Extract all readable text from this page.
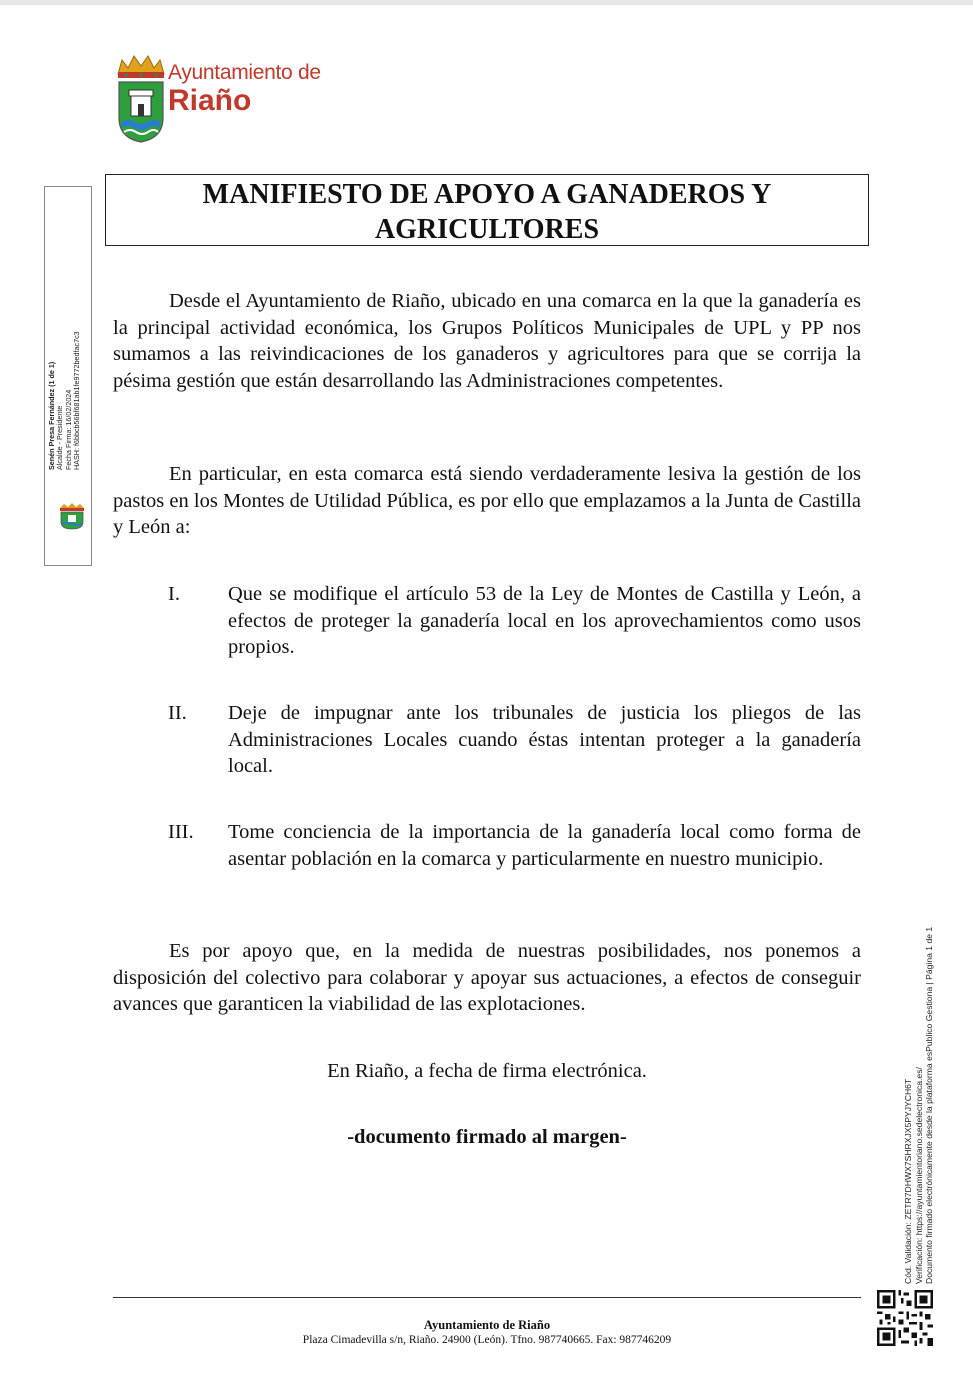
Ayuntamiento de
Riaño
Senén Presa Fernández (1 de 1) Alcalde - Presidente Fecha Firma: 16/02/2024 HASH: f6bbcb56bf681ab1fe9772bedfac7c3
MANIFIESTO DE APOYO A GANADEROS Y
AGRICULTORES

Desde el Ayuntamiento de Riaño, ubicado en una comarca en la que la ganadería es la principal actividad económica, los Grupos Políticos Municipales de UPL y PP nos sumamos a las reivindicaciones de los ganaderos y agricultores para que se corrija la pésima gestión que están desarrollando las Administraciones competentes.

En particular, en esta comarca está siendo verdaderamente lesiva la gestión de los pastos en los Montes de Utilidad Pública, es por ello que emplazamos a la Junta de Castilla y León a:

I. Que se modifique el artículo 53 de la Ley de Montes de Castilla y León, a efectos de proteger la ganadería local en los aprovechamientos como usos propios.

II. Deje de impugnar ante los tribunales de justicia los pliegos de las Administraciones Locales cuando éstas intentan proteger a la ganadería local.

III. Tome conciencia de la importancia de la ganadería local como forma de asentar población en la comarca y particularmente en nuestro municipio.

Es por apoyo que, en la medida de nuestras posibilidades, nos ponemos a disposición del colectivo para colaborar y apoyar sus actuaciones, a efectos de conseguir avances que garanticen la viabilidad de las explotaciones.

En Riaño, a fecha de firma electrónica.

-documento firmado al margen-	Cód. Validación: ZETR7DHWX7SHRXJX5PYJYCH6T Verificación: https://ayuntamientoriano.sedelectronica.es/ Documento firmado electrónicamente desde la plataforma esPublico Gestiona | Página 1 de 1

Ayuntamiento de Riaño

Plaza Cimadevilla s/n, Riaño. 24900 (León). Tfno. 987740665. Fax: 987746209
